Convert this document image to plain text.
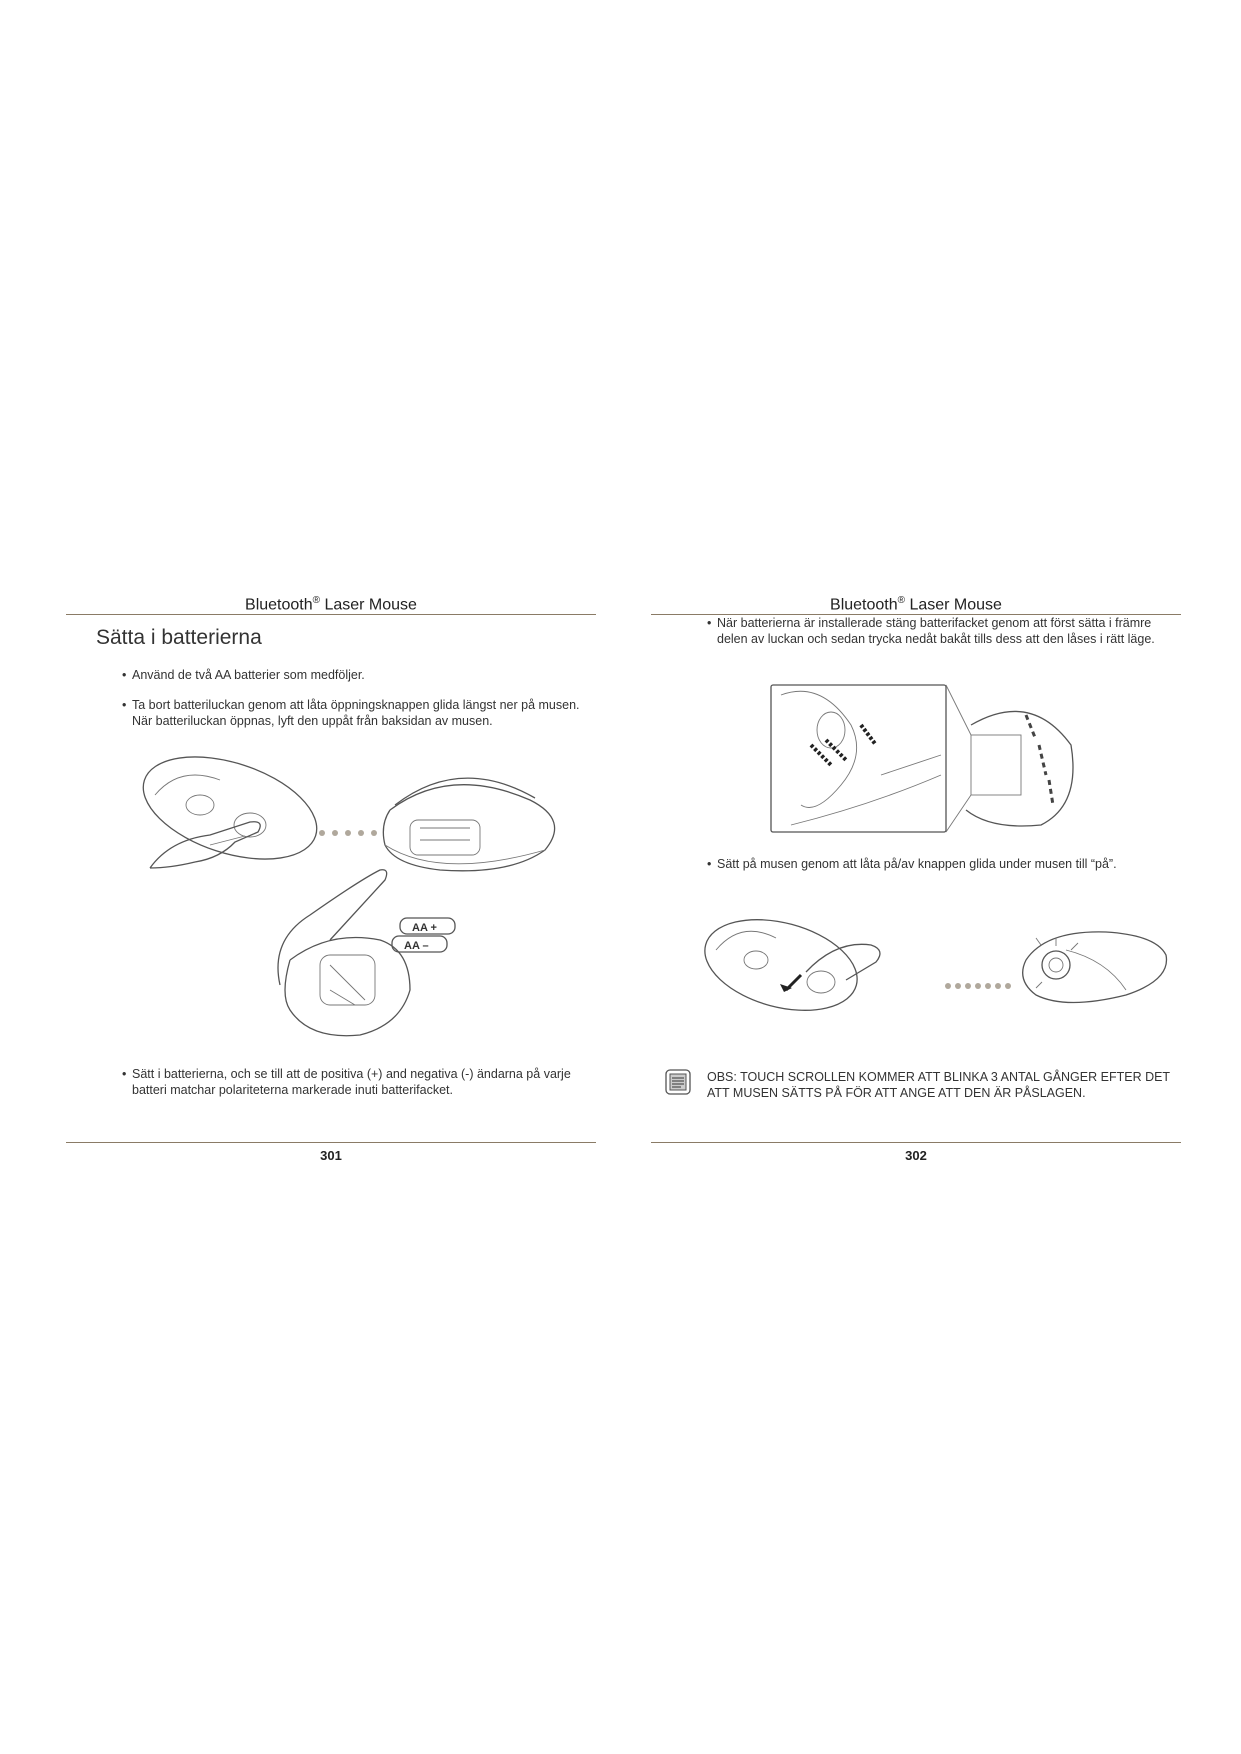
Bluetooth® Laser Mouse
Sätta i batterierna
• Använd de två AA batterier som medföljer.
• Ta bort batteriluckan genom att låta öppningsknappen glida längst ner på musen. När batteriluckan öppnas, lyft den uppåt från baksidan av musen.
AA +
AA –
• Sätt i batterierna, och se till att de positiva (+) and negativa (-) ändarna på varje batteri matchar polariteterna markerade inuti batterifacket.
301
Bluetooth® Laser Mouse
• När batterierna är installerade stäng batterifacket genom att först sätta i främre delen av luckan och sedan trycka nedåt bakåt tills dess att den låses i rätt läge.
• Sätt på musen genom att låta på/av knappen glida under musen till “på”.
OBS: TOUCH SCROLLEN KOMMER ATT BLINKA 3 ANTAL GÅNGER EFTER DET ATT MUSEN SÄTTS PÅ FÖR ATT ANGE ATT DEN ÄR PÅSLAGEN.
302
